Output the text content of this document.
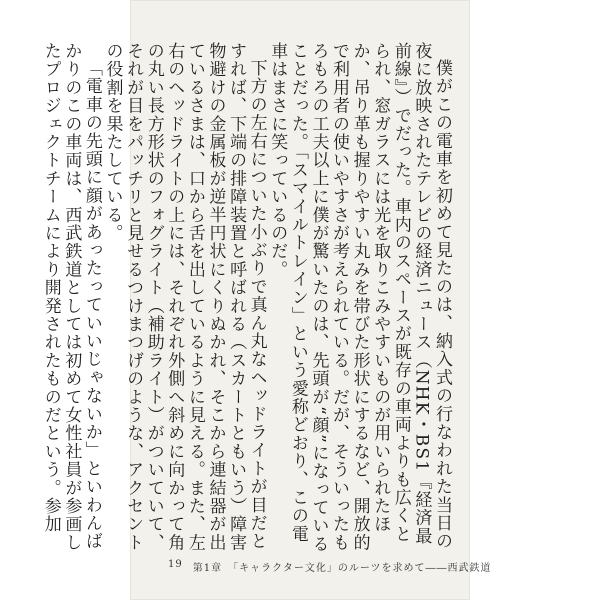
僕がこの電車を初めて見たのは、納入式の行なわれた当日の夜に放映されたテレビの経済ニュース（NHK・BS1『経済最前線』）でだった。車内のスペースが既存の車両よりも広くとられ、窓ガラスには光を取りこみやすいものが用いられたほか、吊り革も握りやすい丸みを帯びた形状にするなど、開放的で利用者の使いやすさが考えられている。だが、そういったもろもろの工夫以上に僕が驚いたのは、先頭が“顔”になっていることだった。「スマイルトレイン」という愛称どおり、この電車はまさに笑っているのだ。

下方の左右についた小ぶりで真ん丸なヘッドライトが目だとすれば、下端の排障装置と呼ばれる（スカートともいう）障害物避けの金属板が逆半円状にくりぬかれ、そこから連結器が出ているさまは、口から舌を出しているように見える。また、左右のヘッドライトの上には、それぞれ外側へ斜めに向かって角の丸い長方形状のフォグライト（補助ライト）がついていて、それが目をパッチリと見せるつけまつげのような、アクセントの役割を果たしている。

「電車の先頭に顔があったっていいじゃないか」といわんばかりのこの車両は、西武鉄道としては初めて女性社員が参画したプロジェクトチームにより開発されたものだという。参加

19 第1章 「キャラクター文化」のルーツを求めて――西武鉄道
